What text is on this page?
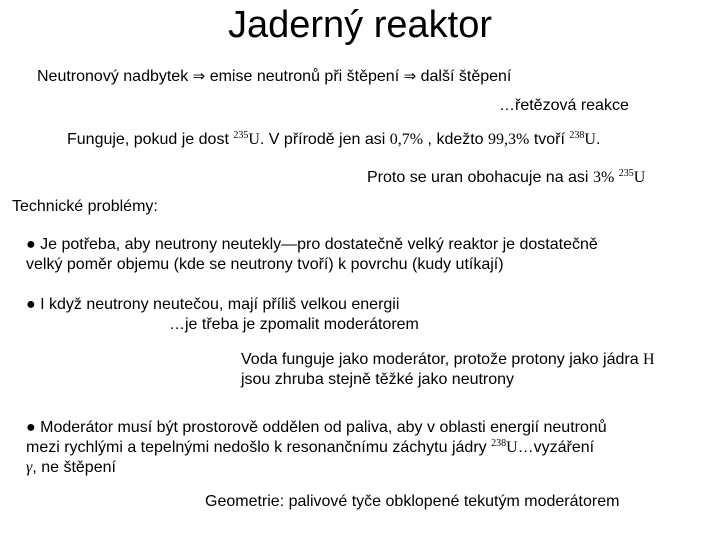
Jaderný reaktor
Neutronový nadbytek ⇒ emise neutronů při štěpení ⇒ další štěpení
…řetězová reakce
Funguje, pokud je dost $^{235}$U. V přírodě jen asi 0,7% , kdežto 99,3% tvoří $^{238}$U.
Proto se uran obohacuje na asi 3% $^{235}$U
Technické problémy:
● Je potřeba, aby neutrony neutekly—pro dostatečně velký reaktor je dostatečně
velký poměr objemu (kde se neutrony tvoří) k povrchu (kudy utíkají)
● I když neutrony neutečou, mají příliš velkou energii
…je třeba je zpomalit moderátorem
Voda funguje jako moderátor, protože protony jako jádra H
jsou zhruba stejně těžké jako neutrony
● Moderátor musí být prostorově oddělen od paliva, aby v oblasti energií neutronů
mezi rychlými a tepelnými nedošlo k resonančnímu záchytu jádry $^{238}$U…vyzáření
γ, ne štěpení
Geometrie: palivové tyče obklopené tekutým moderátorem
